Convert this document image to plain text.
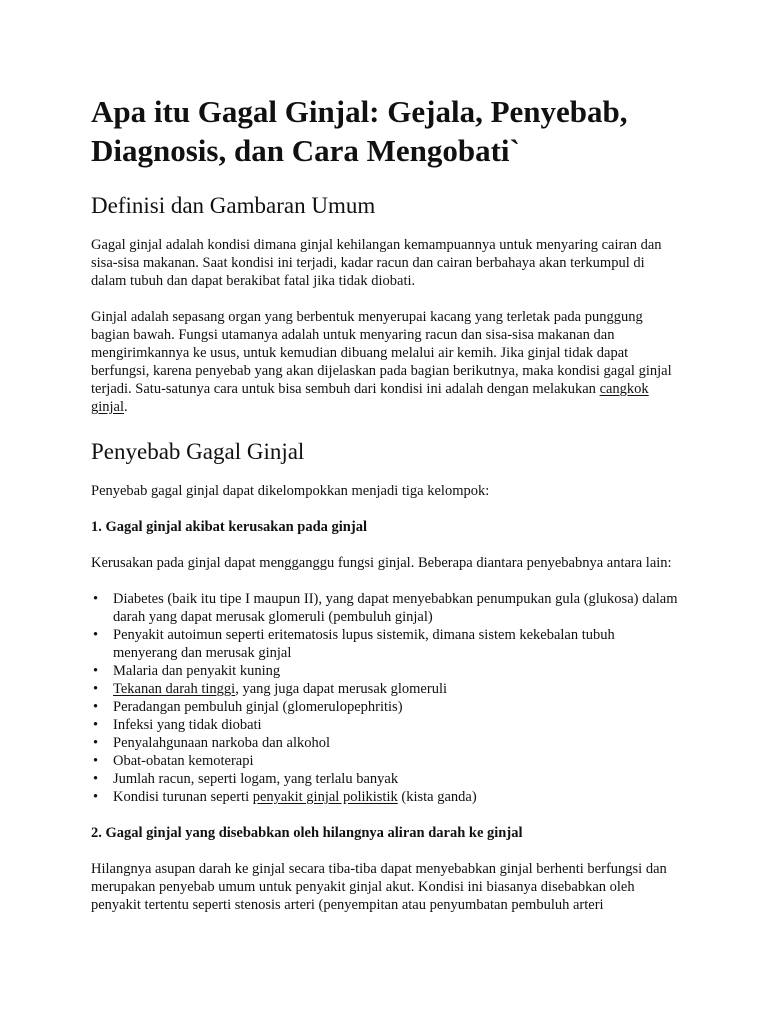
Apa itu Gagal Ginjal: Gejala, Penyebab, Diagnosis, dan Cara Mengobati`
Definisi dan Gambaran Umum

Gagal ginjal adalah kondisi dimana ginjal kehilangan kemampuannya untuk menyaring cairan dan sisa-sisa makanan. Saat kondisi ini terjadi, kadar racun dan cairan berbahaya akan terkumpul di dalam tubuh dan dapat berakibat fatal jika tidak diobati.

Ginjal adalah sepasang organ yang berbentuk menyerupai kacang yang terletak pada punggung bagian bawah. Fungsi utamanya adalah untuk menyaring racun dan sisa-sisa makanan dan mengirimkannya ke usus, untuk kemudian dibuang melalui air kemih. Jika ginjal tidak dapat berfungsi, karena penyebab yang akan dijelaskan pada bagian berikutnya, maka kondisi gagal ginjal terjadi. Satu-satunya cara untuk bisa sembuh dari kondisi ini adalah dengan melakukan cangkok ginjal.

Penyebab Gagal Ginjal

Penyebab gagal ginjal dapat dikelompokkan menjadi tiga kelompok:

1. Gagal ginjal akibat kerusakan pada ginjal

Kerusakan pada ginjal dapat mengganggu fungsi ginjal. Beberapa diantara penyebabnya antara lain:

• Diabetes (baik itu tipe I maupun II), yang dapat menyebabkan penumpukan gula (glukosa) dalam darah yang dapat merusak glomeruli (pembuluh ginjal)
• Penyakit autoimun seperti eritematosis lupus sistemik, dimana sistem kekebalan tubuh menyerang dan merusak ginjal
• Malaria dan penyakit kuning
• Tekanan darah tinggi, yang juga dapat merusak glomeruli
• Peradangan pembuluh ginjal (glomerulopephritis)
• Infeksi yang tidak diobati
• Penyalahgunaan narkoba dan alkohol
• Obat-obatan kemoterapi
• Jumlah racun, seperti logam, yang terlalu banyak
• Kondisi turunan seperti penyakit ginjal polikistik (kista ganda)
2. Gagal ginjal yang disebabkan oleh hilangnya aliran darah ke ginjal

Hilangnya asupan darah ke ginjal secara tiba-tiba dapat menyebabkan ginjal berhenti berfungsi dan merupakan penyebab umum untuk penyakit ginjal akut. Kondisi ini biasanya disebabkan oleh penyakit tertentu seperti stenosis arteri (penyempitan atau penyumbatan pembuluh arteri
